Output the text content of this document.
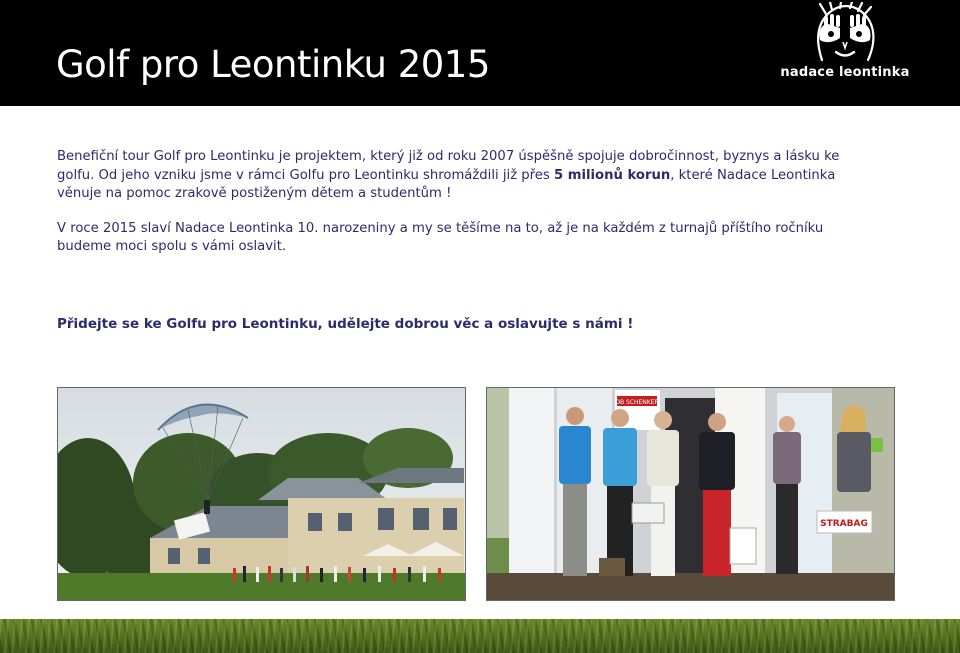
Golf pro Leontinku 2015	nadace leontinka

Benefiční tour Golf pro Leontinku je projektem, který již od roku 2007 úspěšně spojuje dobročinnost, byznys a lásku ke golfu. Od jeho vzniku jsme v rámci Golfu pro Leontinku shromáždili již přes 5 milionů korun, které Nadace Leontinka věnuje na pomoc zrakově postiženým dětem a studentům !

V roce 2015 slaví Nadace Leontinka 10. narozeniny a my se těšíme na to, až je na každém z turnajů příštího ročníku budeme moci spolu s vámi oslavit.

Přidejte se ke Golfu pro Leontinku, udělejte dobrou věc a oslavujte s námi !

DB SCHENKER
STRABAG
